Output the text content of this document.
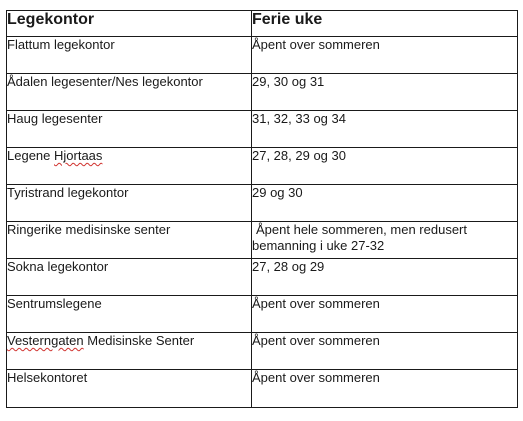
Legekontor	Ferie uke
Flattum legekontor	Åpent over sommeren
Ådalen legesenter/Nes legekontor	29, 30 og 31
Haug legesenter	31, 32, 33 og 34
Legene Hjortaas	27, 28, 29 og 30
Tyristrand legekontor	29 og 30
Ringerike medisinske senter	Åpent hele sommeren, men redusert
bemanning i uke 27-32

Sokna legekontor	27, 28 og 29
Sentrumslegene	Åpent over sommeren
Vesterngaten Medisinske Senter	Åpent over sommeren
Helsekontoret	Åpent over sommeren
